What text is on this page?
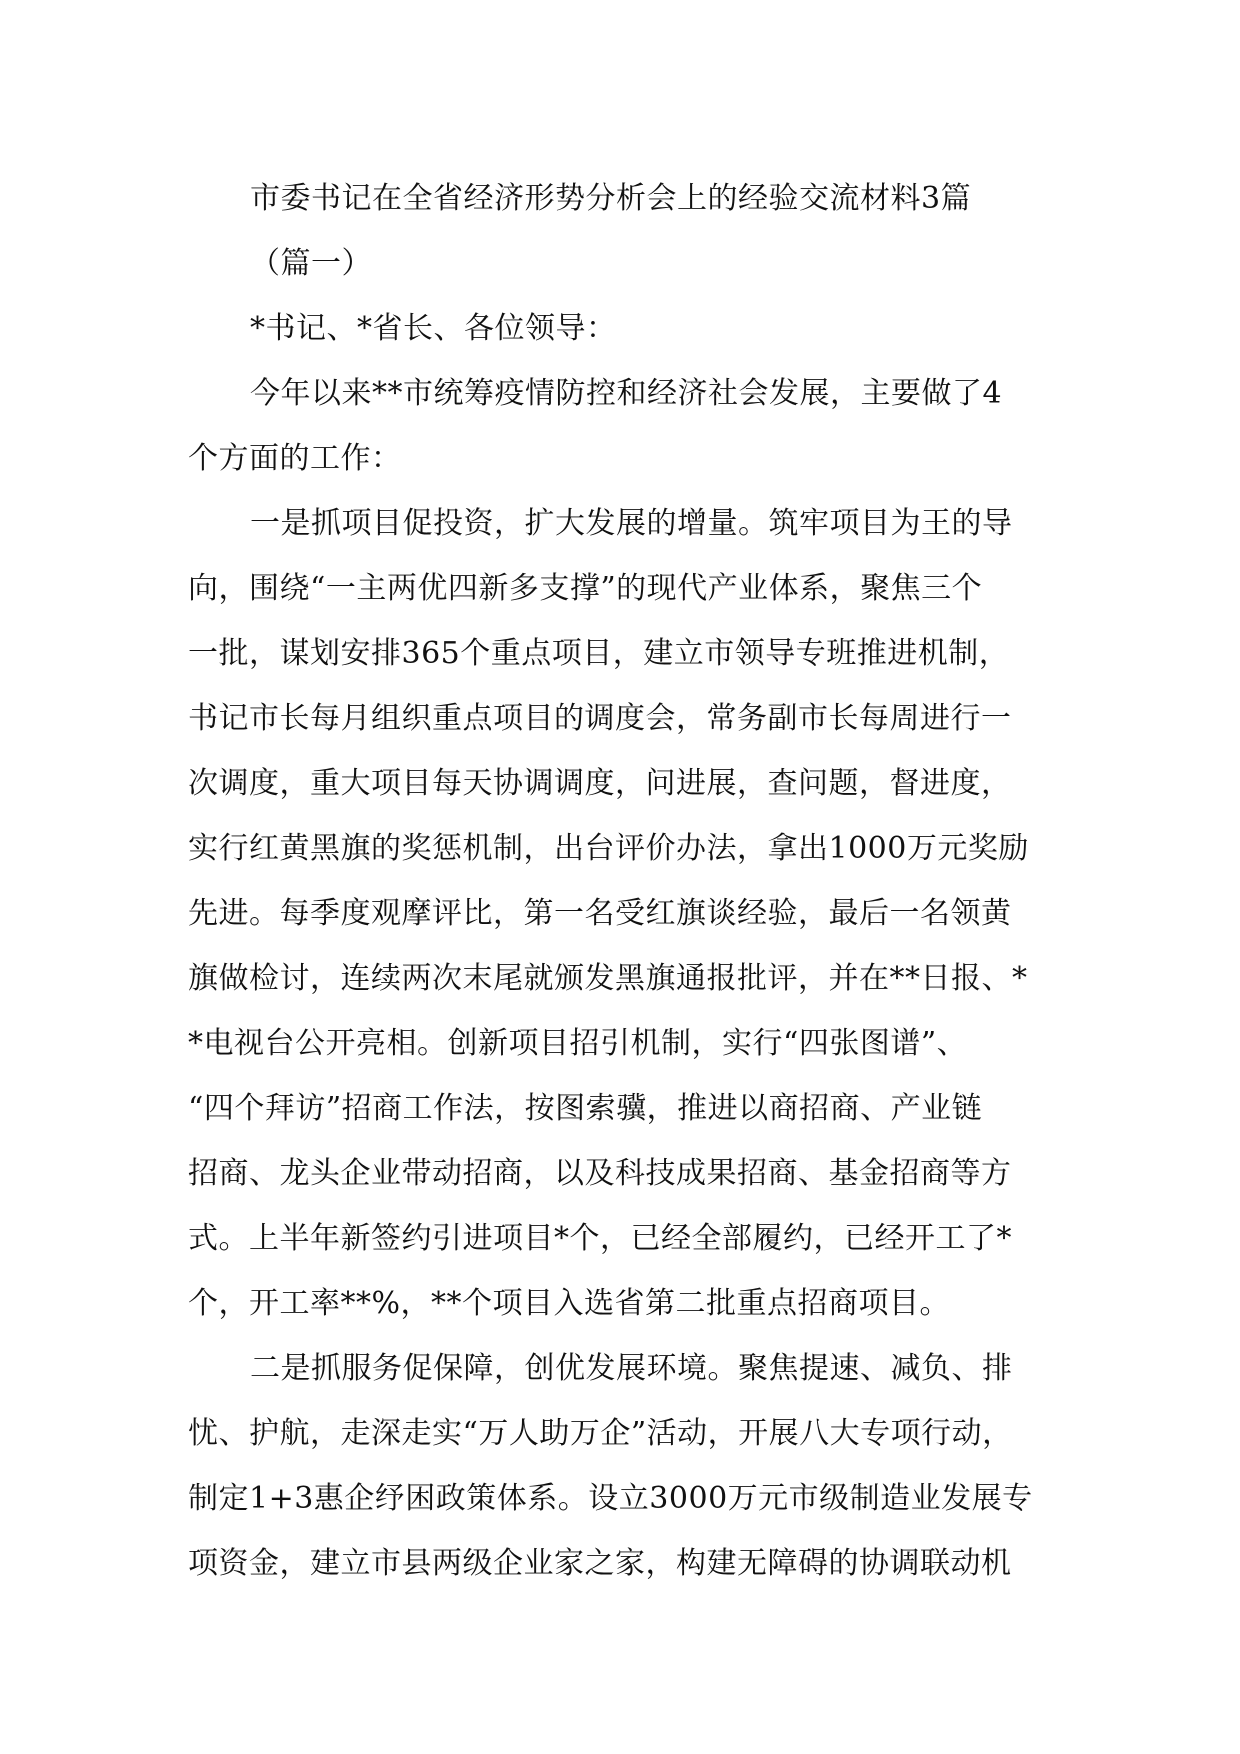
市委书记在全省经济形势分析会上的经验交流材料3篇
（篇一）
*书记、*省长、各位领导：
今年以来**市统筹疫情防控和经济社会发展，主要做了4
个方面的工作：
一是抓项目促投资，扩大发展的增量。筑牢项目为王的导
向，围绕“一主两优四新多支撑”的现代产业体系，聚焦三个
一批，谋划安排365个重点项目，建立市领导专班推进机制，
书记市长每月组织重点项目的调度会，常务副市长每周进行一
次调度，重大项目每天协调调度，问进展，查问题，督进度，
实行红黄黑旗的奖惩机制，出台评价办法，拿出1000万元奖励
先进。每季度观摩评比，第一名受红旗谈经验，最后一名领黄
旗做检讨，连续两次末尾就颁发黑旗通报批评，并在**日报、*
*电视台公开亮相。创新项目招引机制，实行“四张图谱”、
“四个拜访”招商工作法，按图索骥，推进以商招商、产业链
招商、龙头企业带动招商，以及科技成果招商、基金招商等方
式。上半年新签约引进项目*个，已经全部履约，已经开工了*
个，开工率**%，**个项目入选省第二批重点招商项目。
二是抓服务促保障，创优发展环境。聚焦提速、减负、排
忧、护航，走深走实“万人助万企”活动，开展八大专项行动，
制定1+3惠企纾困政策体系。设立3000万元市级制造业发展专
项资金，建立市县两级企业家之家，构建无障碍的协调联动机
